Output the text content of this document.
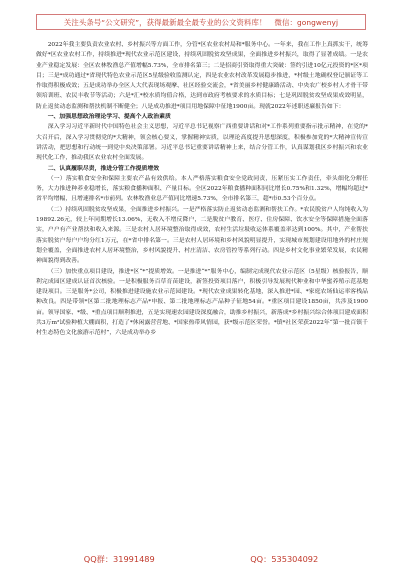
关注头条号“公文研究”，获得最新最全最专业的公文资料库！ 微信：gongwenyj

2022年我主要负责农业农村、乡村振兴等方面工作，分管*区农业农村局和*服务中心。一年来，我在工作上真抓实干，统筹做好*区农业农村工作，持续推进*现代农业示范区建设，持续巩固脱贫攻坚成果，全面推进乡村振兴，取得了显著成绩。一是农业产业稳定发展：全区农林牧渔总产值增幅5.73%，全市排名第三；二是招商引资取得重大突破：签约引进10亿元投资的*区*项目；三是*成功通过*省现代特色农业示范区5星级验收监测认定，四是农业农村改革发展稳步推进，*村级土地确权登记颁证等工作取得积极成效；五是成功举办全区人大代表现场观摩、社区经验交流会，*省美丽乡村健康路活动、中央农广校乡村人才骨干带领培训班、农民丰收节等活动；六是*汇*校水质均值合格，达到市政府考核要求的水质目标；七是巩固脱贫攻坚成果成效明显，防止返贫动态监测和帮扶机制不断健全；八是成功推进*项目用地保障中征地1900亩。现就2022年述职述廉报告如下：

一、加强思想政治理论学习、提高个人政治素质

深入学习习近平新时代中国特色社会主义思想，习近平总书记视察广西重要讲话和对*工作系列重要指示批示精神，在党的*大召开后，深入学习贯彻党的*大精神，领会核心要义，掌握精神实质，以理论高度提升思想深度，积极参加党的*大精神宣传宣讲活动，把思想和行动统一到党中央决策部署。习近平总书记重要讲话精神上来，结合分管工作，认真谋划我区乡村振兴和农业现代化工作，推动我区农业农村全面发展。

二、认真履职尽责，推进分管工作提质增效

（一）落实粮食安全和保障主要农产品有效供给。本人严格落实粮食安全党政同责，压紧压实工作责任，牵头细化分解任务，大力推进种养业稳增长，落实粮食播种面积、产量目标。全区2022年粮食播种面积同比增长0.75%和1.32%，增幅均超过*省平均增幅，且增速排名*市前列。农林牧渔业总产值同比增速5.73%，全市排名第三，超*市0.53个百分点。

（二）持续巩固脱贫攻坚成果，全面推进乡村振兴。一是严格落实防止返贫动态监测和帮扶工作。*农民脱贫户人均纯收入为19892.26元，较上年同期增长13.06%，无收入不增反降户，二是脱贫户教育、医疗、住房保障、饮水安全等保障措施全面落实，户户有产业帮扶和收入来源。三是农村人居环境整治取得成效，农村生活垃圾收运体系覆盖率达到100%。其中，产业帮扶落实脱贫户每户户均分红1万元，在*省中排名第一。三是农村人居环境和乡村风貌明显提升，实现城市规划建设用地外的村庄规划全覆盖，全面推进农村人居环境整治，乡村风貌提升、村庄清洁、农房管控等系列行动。四是乡村文化事业繁荣发展，农民精神面貌得到改善。

（三）加快重点项目建设，推进*区“*”提质增效。一是推进“*”服务中心，编制完成现代农业示范区（5星级）核验报告，顺利完成园区建成认证首次核验。一是积极服务百草育苗建设，新签投资项目落户，积极引导发展现代种业和中华蜜养殖示范基地建设项目。三是服务*公司，积极推进建设施农业示范园建设。*现代农业成果转化基地，深入推进*园、*家庭农场仙运率客栈品种改良。四是带领*区第二批地理标志产品*申报、第二批地理标志产品种子征地54亩。*重区项目建设1850亩，共涉及1900亩。领导国家、*级、*重点项目顺利推进，五是实现速农园建设深度融合，助推乡村振兴，新落成*乡村振兴综合体项目建成面积共3万m²试验种植大棚面积，打造了*休闲露营营地、*国家热带风情园，获*级示范区荣誉。*镇*社区荣获2022年“第一批百镇千村生态特色文化旅游示范村”，六是成功举办乡

QQ群：31991489	QQ：535304092
